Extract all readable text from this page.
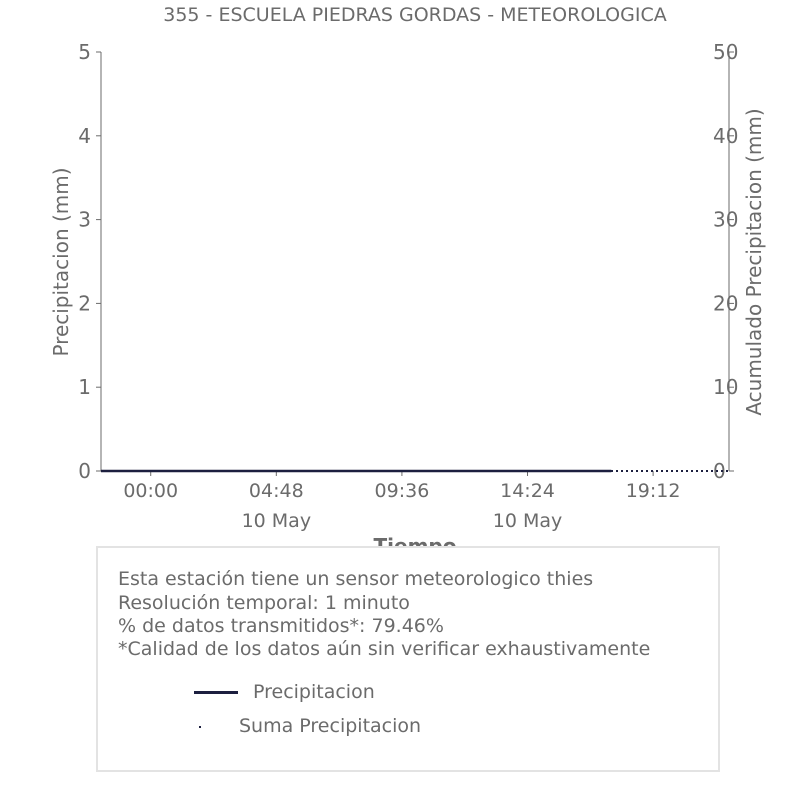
355 - ESCUELA PIEDRAS GORDAS - METEOROLOGICA
0
1
2
3
4
5
0
10
20
30
40
50
00:00	04:48	09:36	14:24	19:12
10 May	10 May
Precipitacion (mm)	Acumulado Precipitacion (mm)
Esta estación tiene un sensor meteorologico thies
Resolución temporal: 1 minuto
% de datos transmitidos*: 79.46%
*Calidad de los datos aún sin verificar exhaustivamente
Precipitacion
Suma Precipitacion
